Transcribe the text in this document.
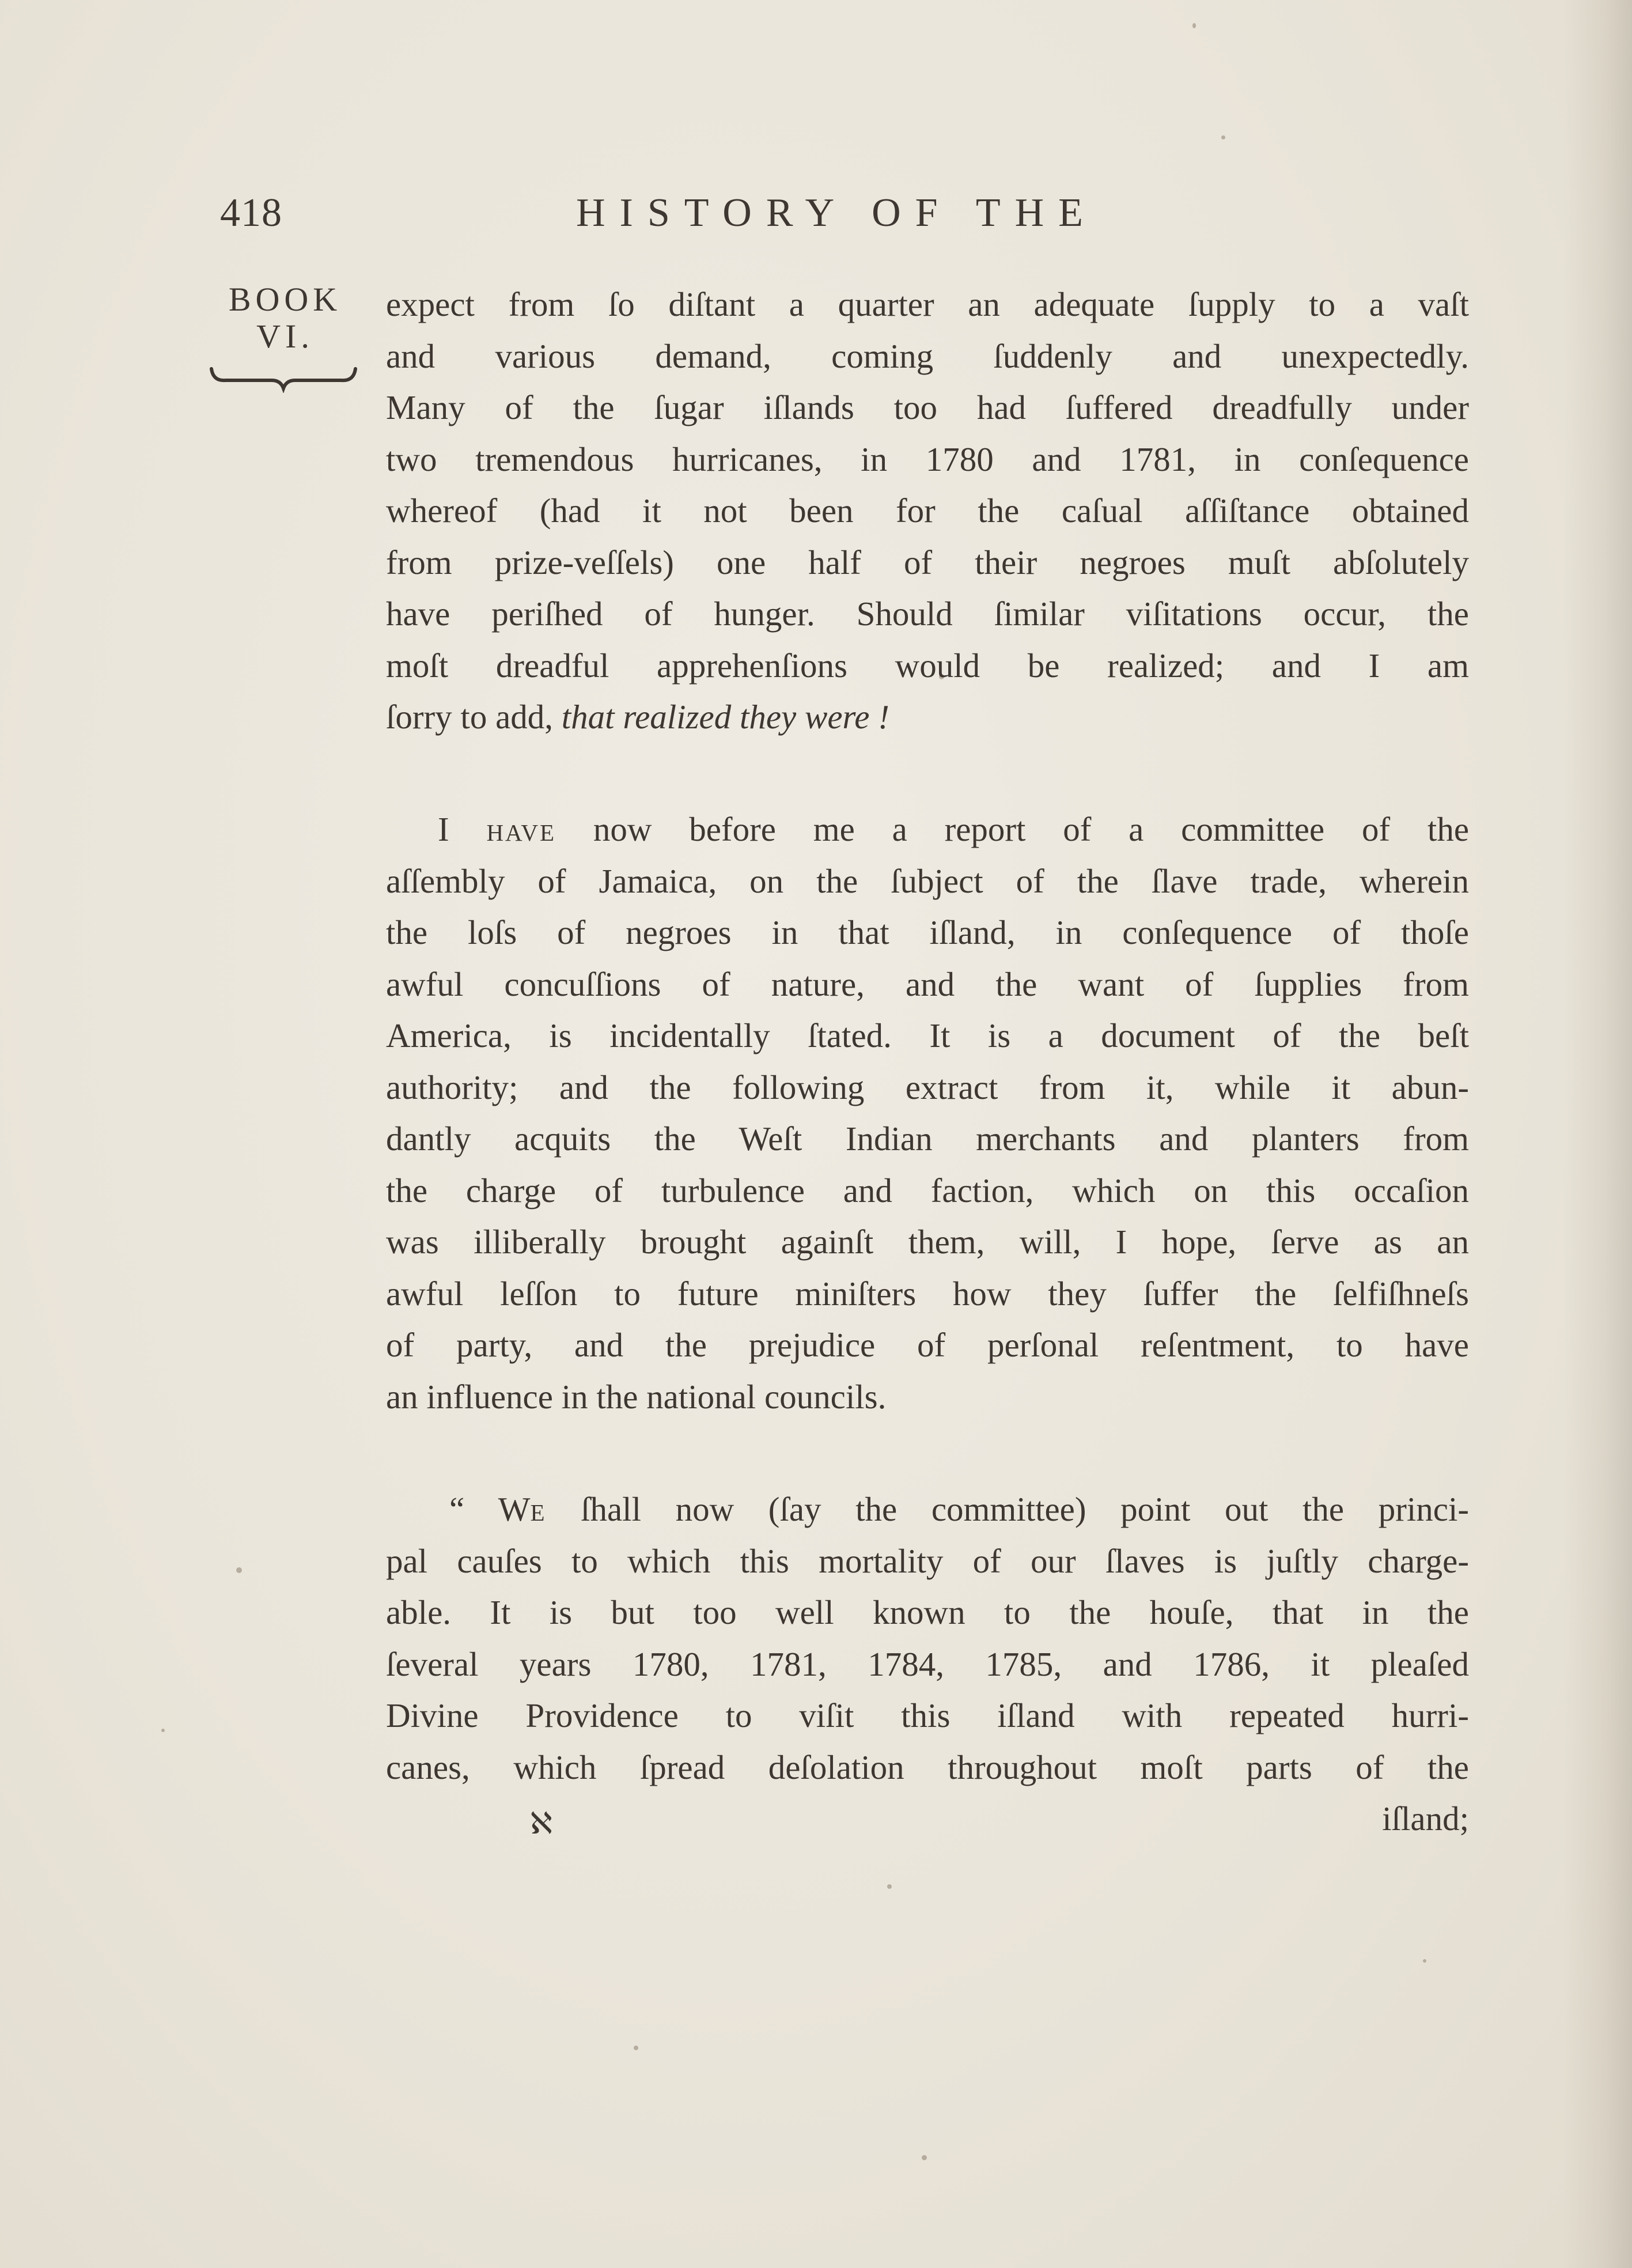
418	HISTORY OF THE
BOOK
VI.
expect from ſo diſtant a quarter an adequate ſupply to a vaſt
and various demand, coming ſuddenly and unexpectedly.
Many of the ſugar iſlands too had ſuffered dreadfully under
two tremendous hurricanes, in 1780 and 1781, in conſequence
whereof (had it not been for the caſual aſſiſtance obtained
from prize-veſſels) one half of their negroes muſt abſolutely
have periſhed of hunger. Should ſimilar viſitations occur, the
moſt dreadful apprehenſions would be realized; and I am
ſorry to add, that realized they were !
I have now before me a report of a committee of the
aſſembly of Jamaica, on the ſubject of the ſlave trade, wherein
the loſs of negroes in that iſland, in conſequence of thoſe
awful concuſſions of nature, and the want of ſupplies from
America, is incidentally ſtated. It is a document of the beſt
authority; and the following extract from it, while it abun-
dantly acquits the Weſt Indian merchants and planters from
the charge of turbulence and faction, which on this occaſion
was illiberally brought againſt them, will, I hope, ſerve as an
awful leſſon to future miniſters how they ſuffer the ſelfiſhneſs
of party, and the prejudice of perſonal reſentment, to have
an influence in the national councils.
“ We ſhall now (ſay the committee) point out the princi-
pal cauſes to which this mortality of our ſlaves is juſtly charge-
able. It is but too well known to the houſe, that in the
ſeveral years 1780, 1781, 1784, 1785, and 1786, it pleaſed
Divine Providence to viſit this iſland with repeated hurri-
canes, which ſpread deſolation throughout moſt parts of the
iſland;
ℵ
